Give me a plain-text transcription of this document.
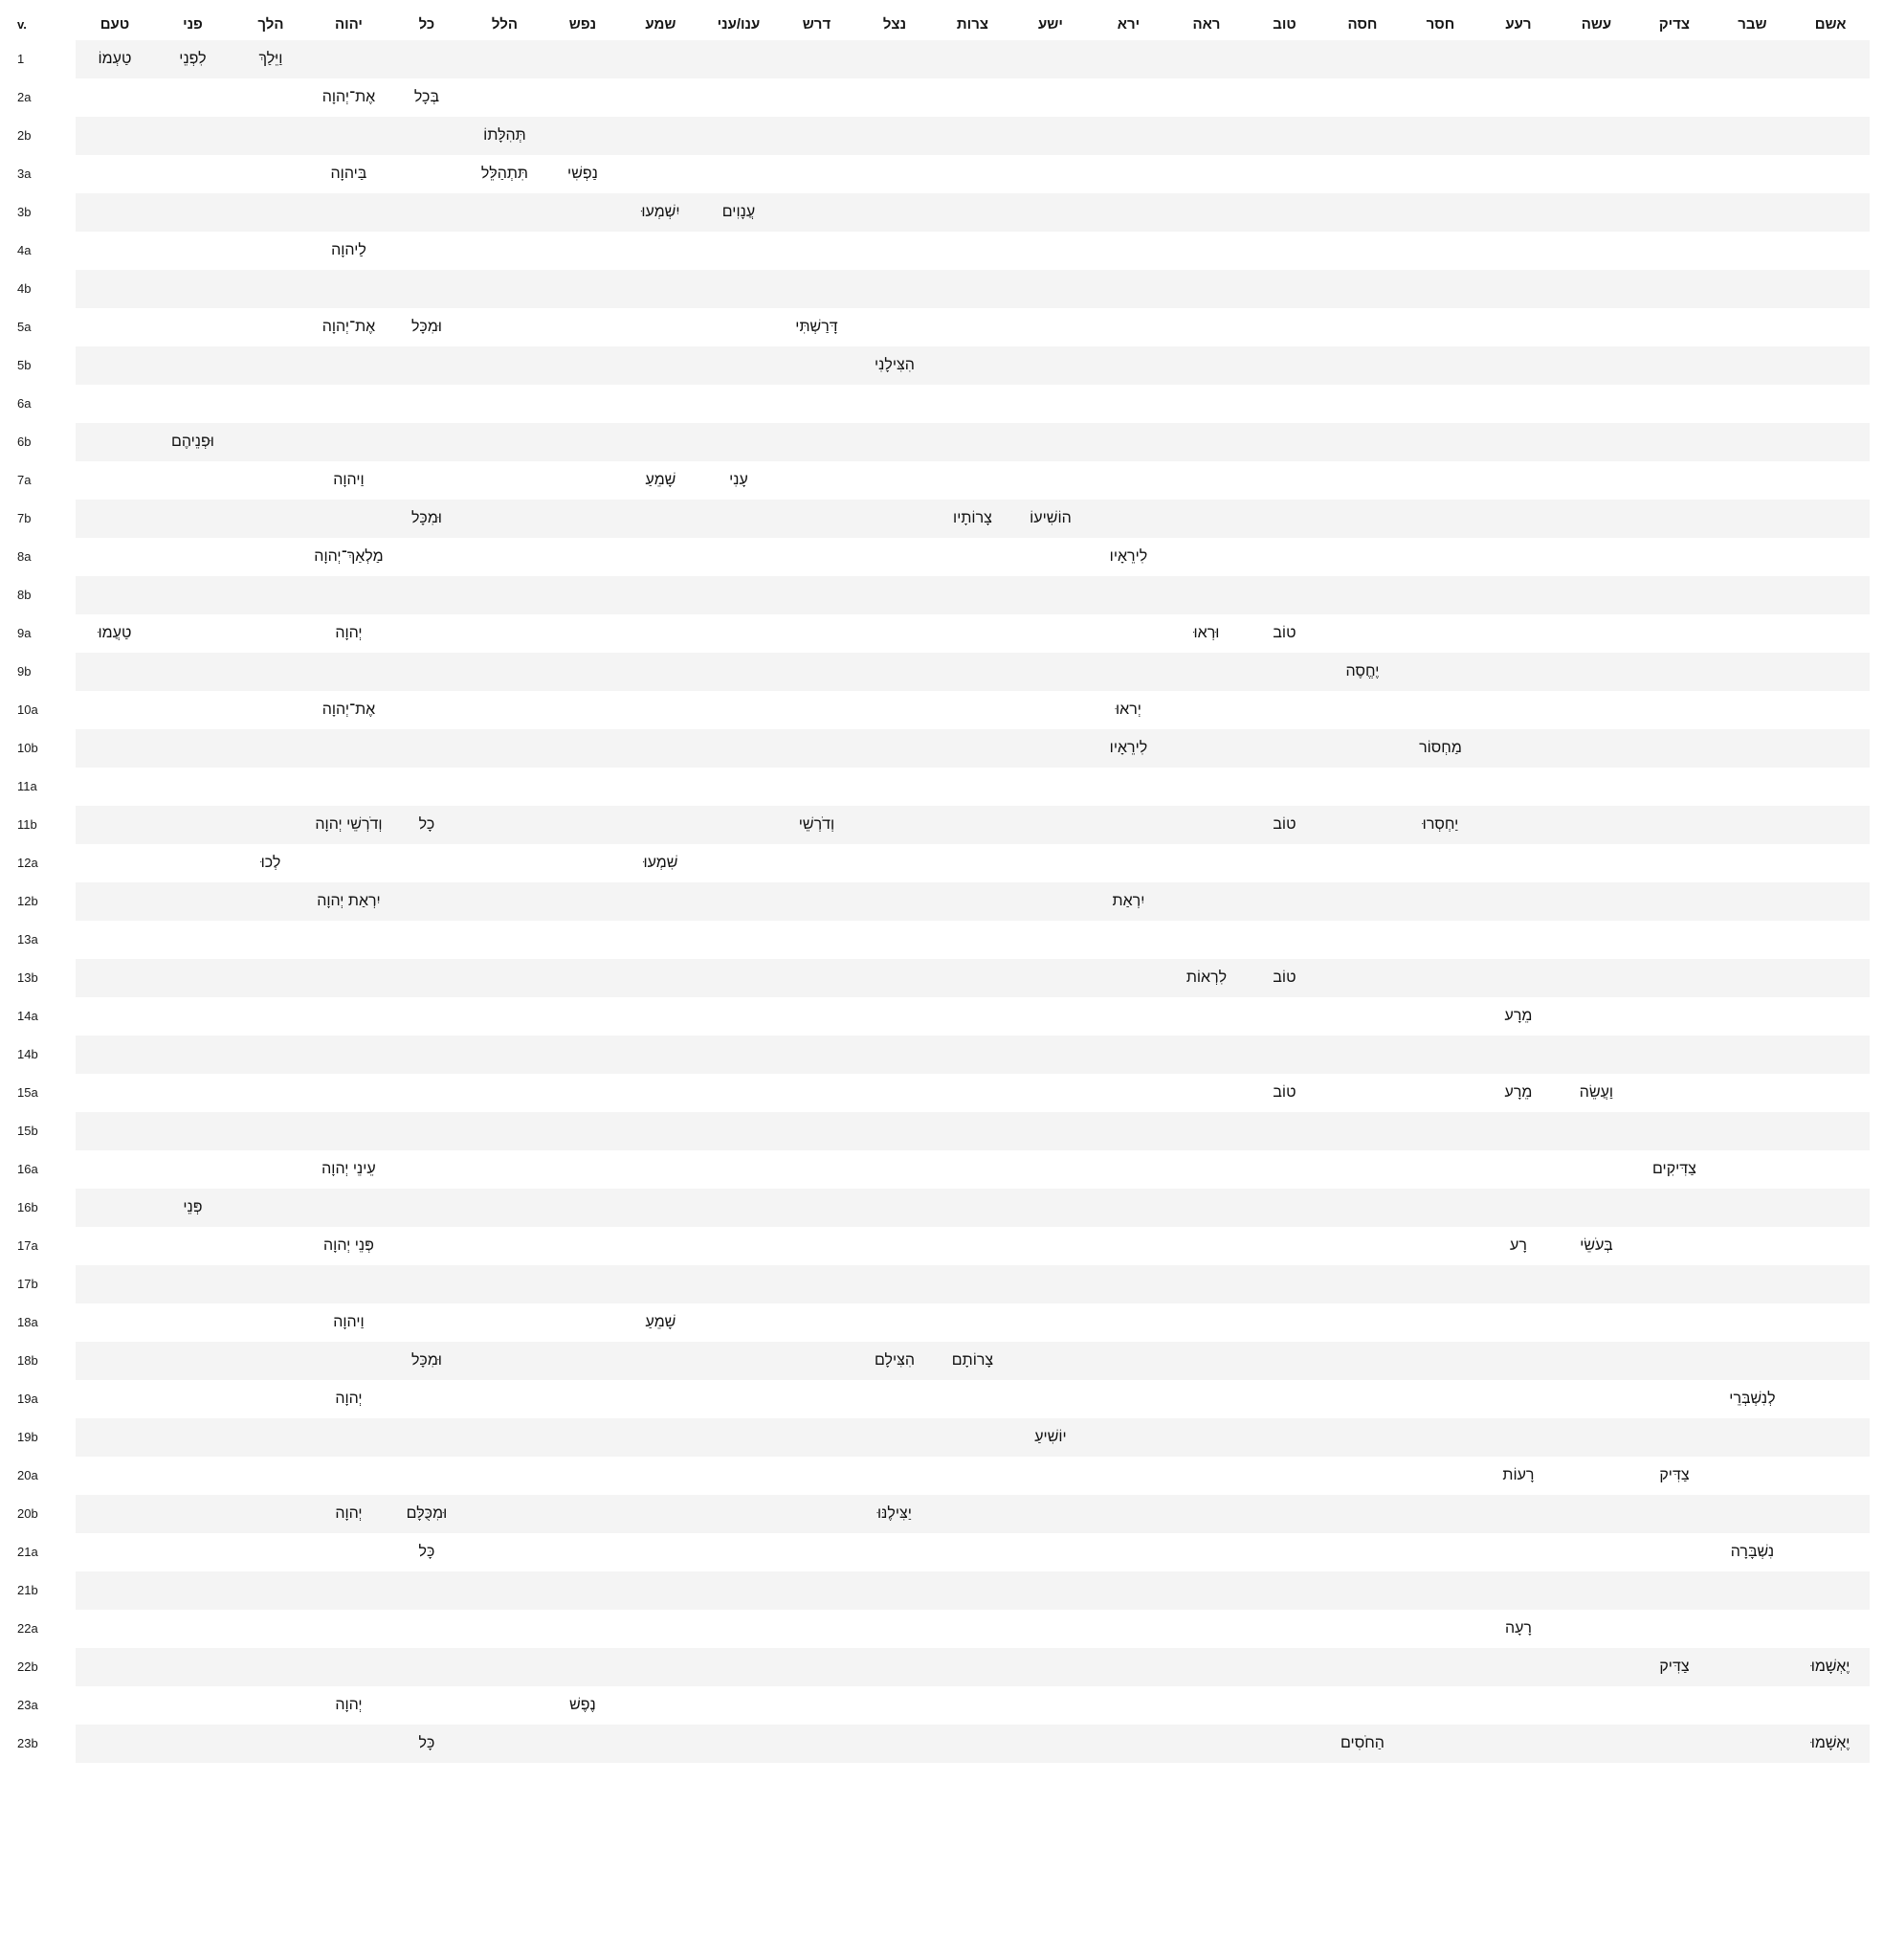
v.	טעם	פני	הלך	יהוה	כל	הלל	נפש	שמע	ענו/עני	דרש	נצל	צרות	ישע	ירא	ראה	טוב	חסה	חסר	רעע	עשה	צדיק	שבר	אשם
1	טַעְמוֹ	לִפְנֵי	וַיֵּלַךְ																				
2a				אֶת־יְהוָה	בְּכָל																		
2b						תְּהִלָּתוֹ																	
3a				בַּיהוָה		תִּתְהַלֵּל	נַפְשִׁי																
3b								יִשְׁמְעוּ	עֲנָוִים														
4a				לַיהוָה																			
4b																							
5a				אֶת־יְהוָה	וּמִכָּל					דָּרַשְׁתִּי													
5b											הִצִּילָנִי												
6a																							
6b		וּפְנֵיהֶם																					
7a				וַיהוָה				שָׁמֵעַ	עָנִי														
7b					וּמִכָּל							צָרוֹתָיו	הוֹשִׁיעוֹ										
8a				מַלְאַךְ־יְהוָה										לִירֵאָיו									
8b																							
9a	טַעֲמוּ			יְהוָה											וּרְאוּ	טוֹב							
9b																	יֶחֱסֶה						
10a				אֶת־יְהוָה										יְראוּ									
10b														לִירֵאָיו				מַחְסוֹר					
11a																							
11b				וְדֹרְשֵׁי יְהוָה	כָל					וְדֹרְשֵׁי						טוֹב		יַחְסְרוּ					
12a			לְכוּ					שִׁמְעוּ															
12b				יִרְאַת יְהוָה										יִרְאַת									
13a																							
13b															לִרְאוֹת	טוֹב							
14a																			מֵרָע				
14b																							
15a																טוֹב			מֵרָע	וַעֲשֵׂה			
15b																							
16a				עֵינֵי יְהוָה																	צַדִּיקִים		
16b		פְּנֵי																					
17a				פְּנֵי יְהוָה															רָע	בְּעֹשֵׂי			
17b																							
18a				וַיהוָה				שָׁמֵעַ															
18b					וּמִכָּל						הִצִּילָם	צָרוֹתָם											
19a				יְהוָה																		לְנִשְׁבְּרֵי	
19b													יוֹשִׁיעַ										
20a																			רָעוֹת		צַדִּיק		
20b				יְהוָה	וּמִכֻּלָּם						יַצִּילֶנּוּ												
21a					כָּל																	נִשְׁבָּרָה	
21b																							
22a																			רָעָה				
22b																					צַדִּיק		יֶאְשָׁמוּ
23a				יְהוָה			נֶפֶשׁ																
23b					כָּל												הַחֹסִים						יֶאְשָׁמוּ
